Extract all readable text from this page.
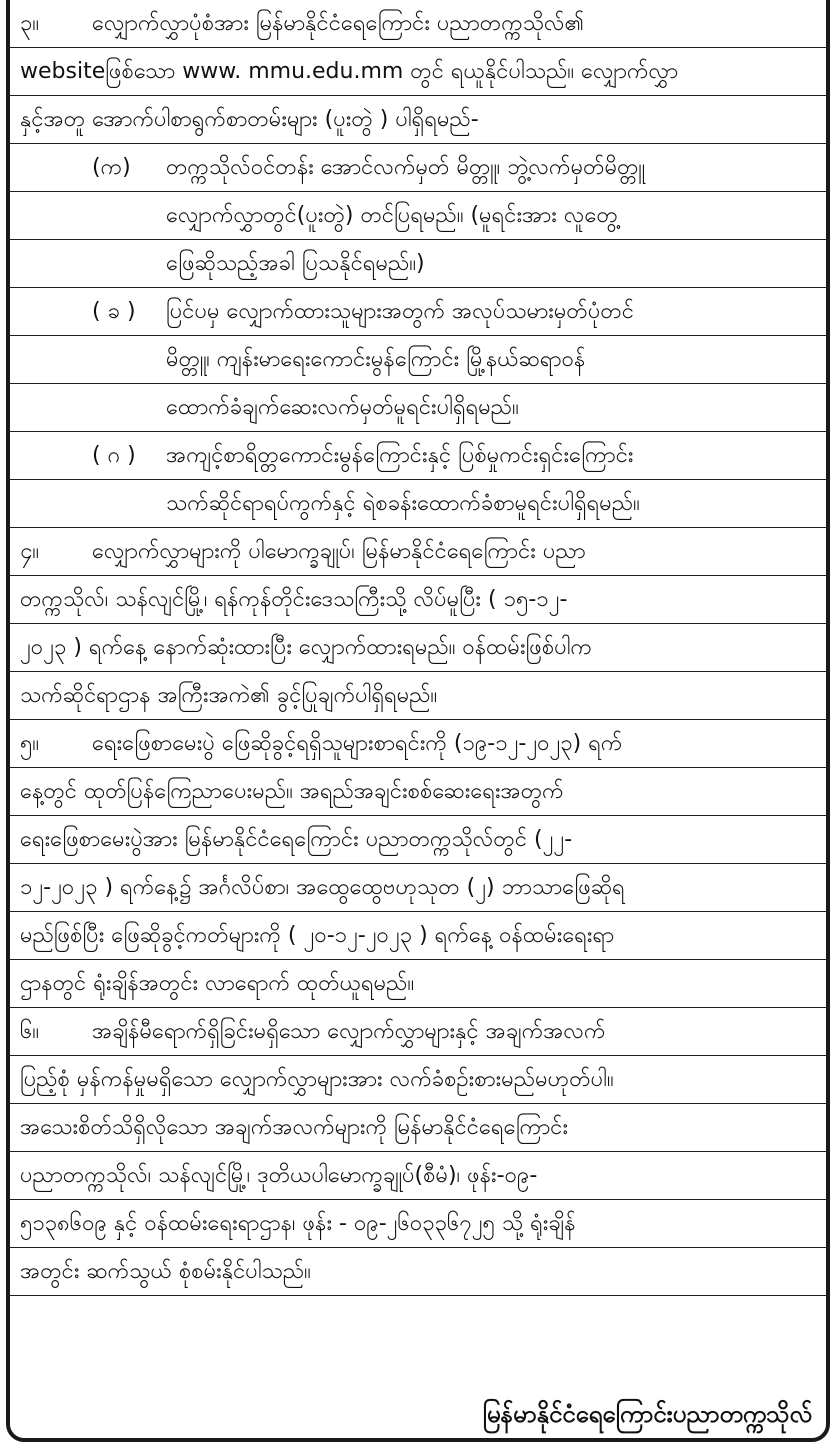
၃။	လျှောက်လွှာပုံစံအား မြန်မာနိုင်ငံရေကြောင်း ပညာတက္ကသိုလ်၏
websiteဖြစ်သော www. mmu.edu.mm တွင် ရယူနိုင်ပါသည်။ လျှောက်လွှာ
နှင့်အတူ အောက်ပါစာရွက်စာတမ်းများ (ပူးတွဲ ) ပါရှိရမည်-
(က)	တက္ကသိုလ်ဝင်တန်း အောင်လက်မှတ် မိတ္တူ၊ ဘွဲ့လက်မှတ်မိတ္တူ
လျှောက်လွှာတွင်(ပူးတွဲ) တင်ပြရမည်။ (မူရင်းအား လူတွေ့
ဖြေဆိုသည့်အခါ ပြသနိုင်ရမည်။)
( ခ )	ပြင်ပမှ လျှောက်ထားသူများအတွက် အလုပ်သမားမှတ်ပုံတင်
မိတ္တူ၊ ကျန်းမာရေးကောင်းမွန်ကြောင်း မြို့နယ်ဆရာဝန်
ထောက်ခံချက်ဆေးလက်မှတ်မူရင်းပါရှိရမည်။
( ဂ )	အကျင့်စာရိတ္တကောင်းမွန်ကြောင်းနှင့် ပြစ်မှုကင်းရှင်းကြောင်း
သက်ဆိုင်ရာရပ်ကွက်နှင့် ရဲစခန်းထောက်ခံစာမူရင်းပါရှိရမည်။
၄။	လျှောက်လွှာများကို ပါမောက္ခချုပ်၊ မြန်မာနိုင်ငံရေကြောင်း ပညာ
တက္ကသိုလ်၊ သန်လျင်မြို့၊ ရန်ကုန်တိုင်းဒေသကြီးသို့ လိပ်မူပြီး ( ၁၅-၁၂-
၂၀၂၃ ) ရက်နေ့ နောက်ဆုံးထားပြီး လျှောက်ထားရမည်။ ဝန်ထမ်းဖြစ်ပါက
သက်ဆိုင်ရာဌာန အကြီးအကဲ၏ ခွင့်ပြုချက်ပါရှိရမည်။
၅။	ရေးဖြေစာမေးပွဲ ဖြေဆိုခွင့်ရရှိသူများစာရင်းကို (၁၉-၁၂-၂၀၂၃) ရက်
နေ့တွင် ထုတ်ပြန်ကြေညာပေးမည်။ အရည်အချင်းစစ်ဆေးရေးအတွက်
ရေးဖြေစာမေးပွဲအား မြန်မာနိုင်ငံရေကြောင်း ပညာတက္ကသိုလ်တွင် (၂၂-
၁၂-၂၀၂၃ ) ရက်နေ့၌ အင်္ဂလိပ်စာ၊ အထွေထွေဗဟုသုတ (၂) ဘာသာဖြေဆိုရ
မည်ဖြစ်ပြီး ဖြေဆိုခွင့်ကတ်များကို ( ၂၀-၁၂-၂၀၂၃ ) ရက်နေ့ ဝန်ထမ်းရေးရာ
ဌာနတွင် ရုံးချိန်အတွင်း လာရောက် ထုတ်ယူရမည်။
၆။	အချိန်မီရောက်ရှိခြင်းမရှိသော လျှောက်လွှာများနှင့် အချက်အလက်
ပြည့်စုံ မှန်ကန်မှုမရှိသော လျှောက်လွှာများအား လက်ခံစဉ်းစားမည်မဟုတ်ပါ။
အသေးစိတ်သိရှိလိုသော အချက်အလက်များကို မြန်မာနိုင်ငံရေကြောင်း
ပညာတက္ကသိုလ်၊ သန်လျင်မြို့၊ ဒုတိယပါမောက္ခချုပ်(စီမံ)၊ ဖုန်း-၀၉-
၅၁၃၈၆၀၉ နှင့် ဝန်ထမ်းရေးရာဌာန၊ ဖုန်း - ၀၉-၂၆၀၃၃၆၇၂၅ သို့ ရုံးချိန်
အတွင်း ဆက်သွယ် စုံစမ်းနိုင်ပါသည်။
မြန်မာနိုင်ငံရေကြောင်းပညာတက္ကသိုလ်
